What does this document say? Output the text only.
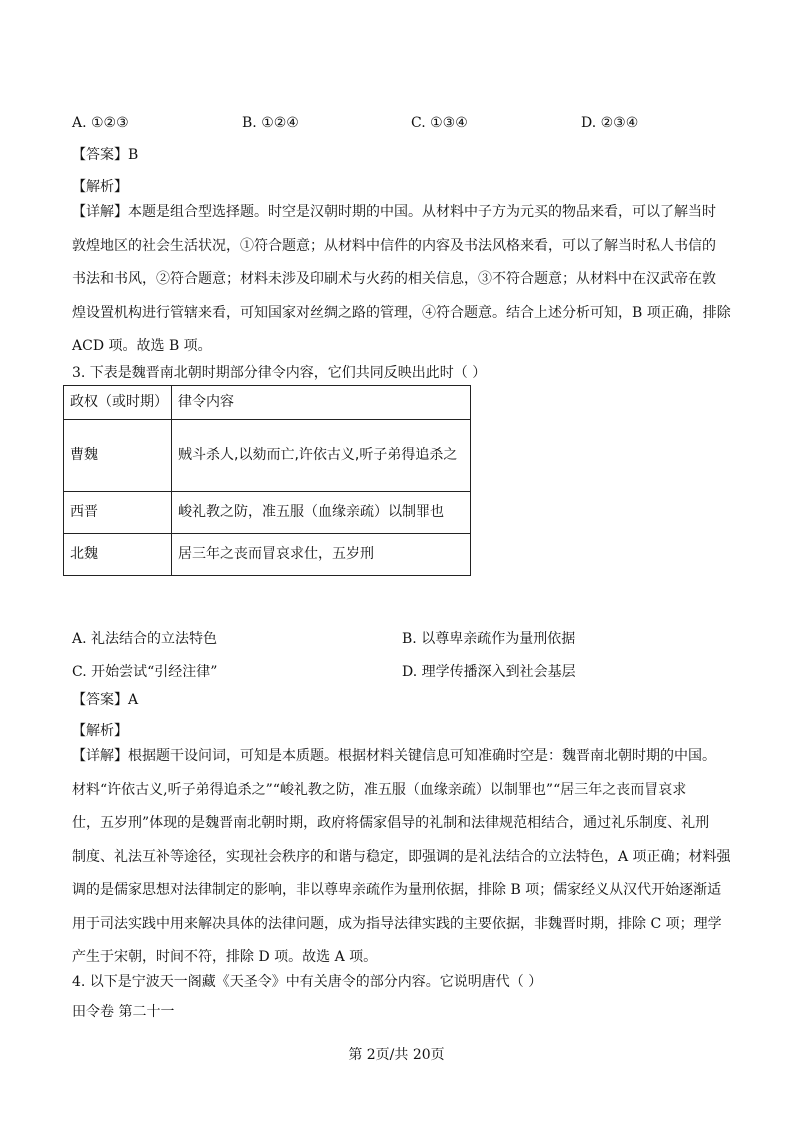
A. ①②③	B. ①②④	C. ①③④	D. ②③④
【答案】B
【解析】
【详解】本题是组合型选择题。时空是汉朝时期的中国。从材料中子方为元买的物品来看，可以了解当时
敦煌地区的社会生活状况，①符合题意；从材料中信件的内容及书法风格来看，可以了解当时私人书信的
书法和书风，②符合题意；材料未涉及印刷术与火药的相关信息，③不符合题意；从材料中在汉武帝在敦
煌设置机构进行管辖来看，可知国家对丝绸之路的管理，④符合题意。结合上述分析可知，B 项正确，排除
ACD 项。故选 B 项。
3. 下表是魏晋南北朝时期部分律令内容，它们共同反映出此时（ ）
政权（或时期）	律令内容
曹魏	贼斗杀人,以劾而亡,许依古义,听子弟得追杀之
西晋	峻礼教之防，准五服（血缘亲疏）以制罪也
北魏	居三年之丧而冒哀求仕，五岁刑
A. 礼法结合的立法特色	B. 以尊卑亲疏作为量刑依据
C. 开始尝试“引经注律”	D. 理学传播深入到社会基层
【答案】A
【解析】
【详解】根据题干设问词，可知是本质题。根据材料关键信息可知准确时空是：魏晋南北朝时期的中国。
材料“许依古义,听子弟得追杀之”“峻礼教之防，准五服（血缘亲疏）以制罪也”“居三年之丧而冒哀求
仕，五岁刑”体现的是魏晋南北朝时期，政府将儒家倡导的礼制和法律规范相结合，通过礼乐制度、礼刑
制度、礼法互补等途径，实现社会秩序的和谐与稳定，即强调的是礼法结合的立法特色，A 项正确；材料强
调的是儒家思想对法律制定的影响，非以尊卑亲疏作为量刑依据，排除 B 项；儒家经义从汉代开始逐渐适
用于司法实践中用来解决具体的法律问题，成为指导法律实践的主要依据，非魏晋时期，排除 C 项；理学
产生于宋朝，时间不符，排除 D 项。故选 A 项。
4. 以下是宁波天一阁藏《天圣令》中有关唐令的部分内容。它说明唐代（ ）
田令卷 第二十一
第 2页/共 20页
